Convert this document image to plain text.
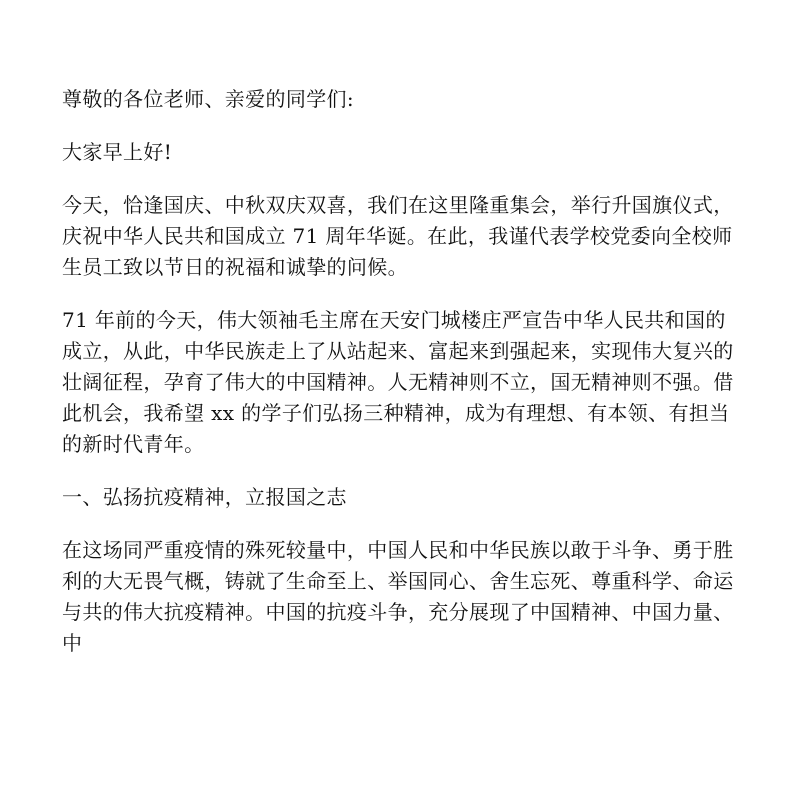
尊敬的各位老师、亲爱的同学们:

大家早上好!

今天，恰逢国庆、中秋双庆双喜，我们在这里隆重集会，举行升国旗仪式，庆祝中华人民共和国成立 71 周年华诞。在此，我谨代表学校党委向全校师生员工致以节日的祝福和诚挚的问候。

71 年前的今天，伟大领袖毛主席在天安门城楼庄严宣告中华人民共和国的成立，从此，中华民族走上了从站起来、富起来到强起来，实现伟大复兴的壮阔征程，孕育了伟大的中国精神。人无精神则不立，国无精神则不强。借此机会，我希望 xx 的学子们弘扬三种精神，成为有理想、有本领、有担当的新时代青年。

一、弘扬抗疫精神，立报国之志

在这场同严重疫情的殊死较量中，中国人民和中华民族以敢于斗争、勇于胜利的大无畏气概，铸就了生命至上、举国同心、舍生忘死、尊重科学、命运与共的伟大抗疫精神。中国的抗疫斗争，充分展现了中国精神、中国力量、中
